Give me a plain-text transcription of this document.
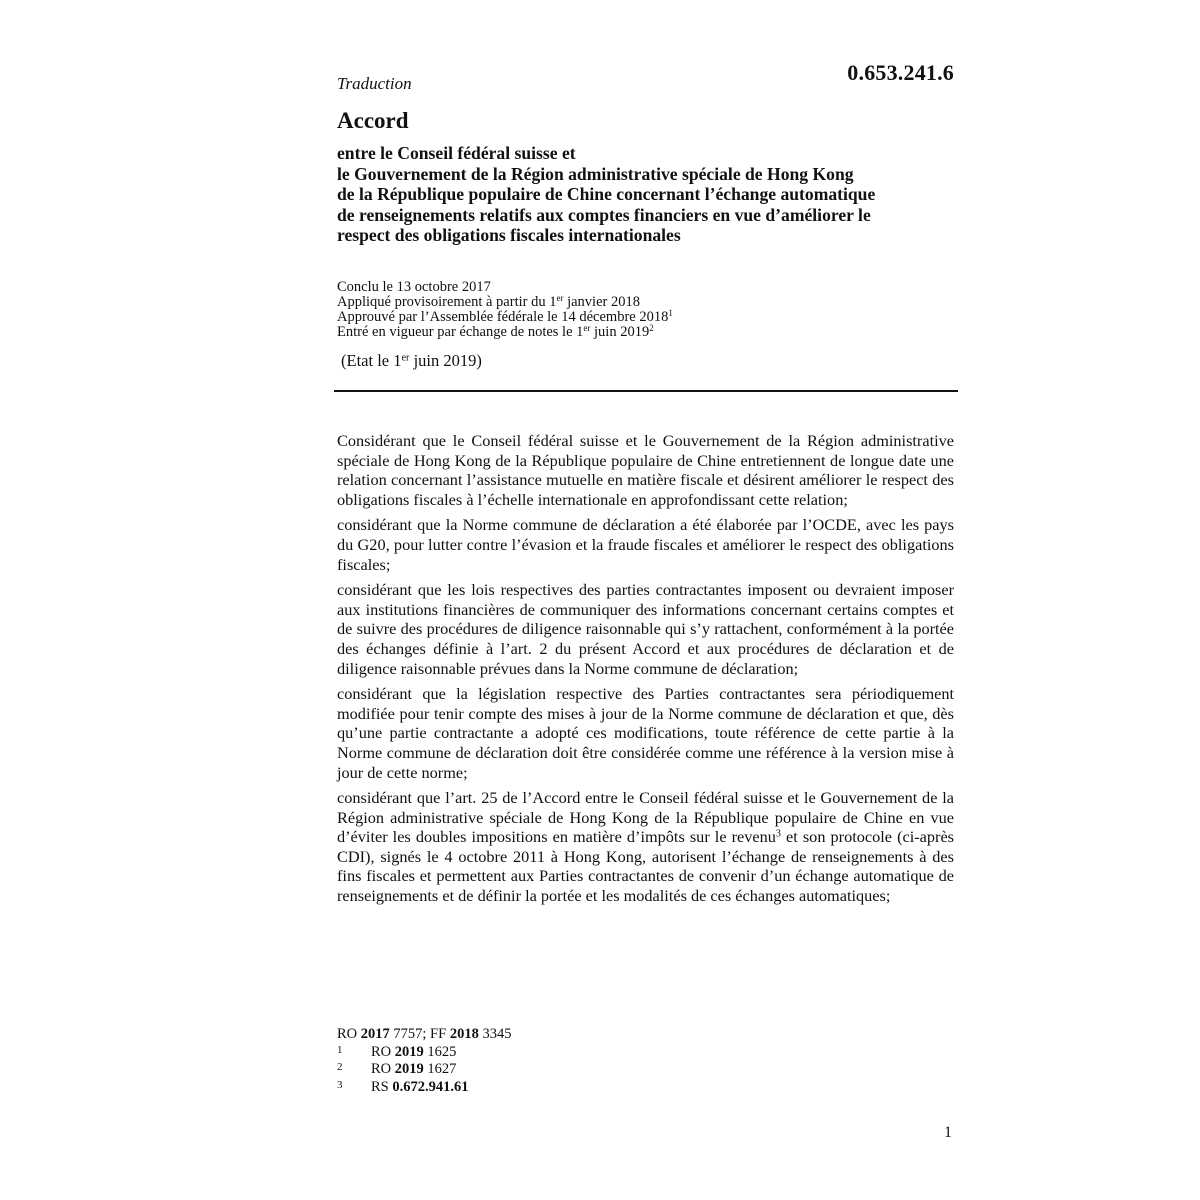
0.653.241.6
Traduction
Accord
entre le Conseil fédéral suisse et
le Gouvernement de la Région administrative spéciale de Hong Kong
de la République populaire de Chine concernant l’échange automatique
de renseignements relatifs aux comptes financiers en vue d’améliorer le
respect des obligations fiscales internationales
Conclu le 13 octobre 2017
Appliqué provisoirement à partir du 1er janvier 2018
Approuvé par l’Assemblée fédérale le 14 décembre 2018$^1$
Entré en vigueur par échange de notes le 1er juin 2019$^2$
(Etat le 1er juin 2019)

Considérant que le Conseil fédéral suisse et le Gouvernement de la Région administrative spéciale de Hong Kong de la République populaire de Chine entretiennent de longue date une relation concernant l’assistance mutuelle en matière fiscale et désirent améliorer le respect des obligations fiscales à l’échelle internationale en approfondissant cette relation;

considérant que la Norme commune de déclaration a été élaborée par l’OCDE, avec les pays du G20, pour lutter contre l’évasion et la fraude fiscales et améliorer le respect des obligations fiscales;

considérant que les lois respectives des parties contractantes imposent ou devraient imposer aux institutions financières de communiquer des informations concernant certains comptes et de suivre des procédures de diligence raisonnable qui s’y rattachent, conformément à la portée des échanges définie à l’art. 2 du présent Accord et aux procédures de déclaration et de diligence raisonnable prévues dans la Norme commune de déclaration;

considérant que la législation respective des Parties contractantes sera périodiquement modifiée pour tenir compte des mises à jour de la Norme commune de déclaration et que, dès qu’une partie contractante a adopté ces modifications, toute référence de cette partie à la Norme commune de déclaration doit être considérée comme une référence à la version mise à jour de cette norme;

considérant que l’art. 25 de l’Accord entre le Conseil fédéral suisse et le Gouvernement de la Région administrative spéciale de Hong Kong de la République populaire de Chine en vue d’éviter les doubles impositions en matière d’impôts sur le revenu$^3$ et son protocole (ci-après CDI), signés le 4 octobre 2011 à Hong Kong, autorisent l’échange de renseignements à des fins fiscales et permettent aux Parties contractantes de convenir d’un échange automatique de renseignements et de définir la portée et les modalités de ces échanges automatiques;

RO 2017 7757; FF 2018 3345
1 RO 2019 1625
2 RO 2019 1627
3 RS 0.672.941.61
1
